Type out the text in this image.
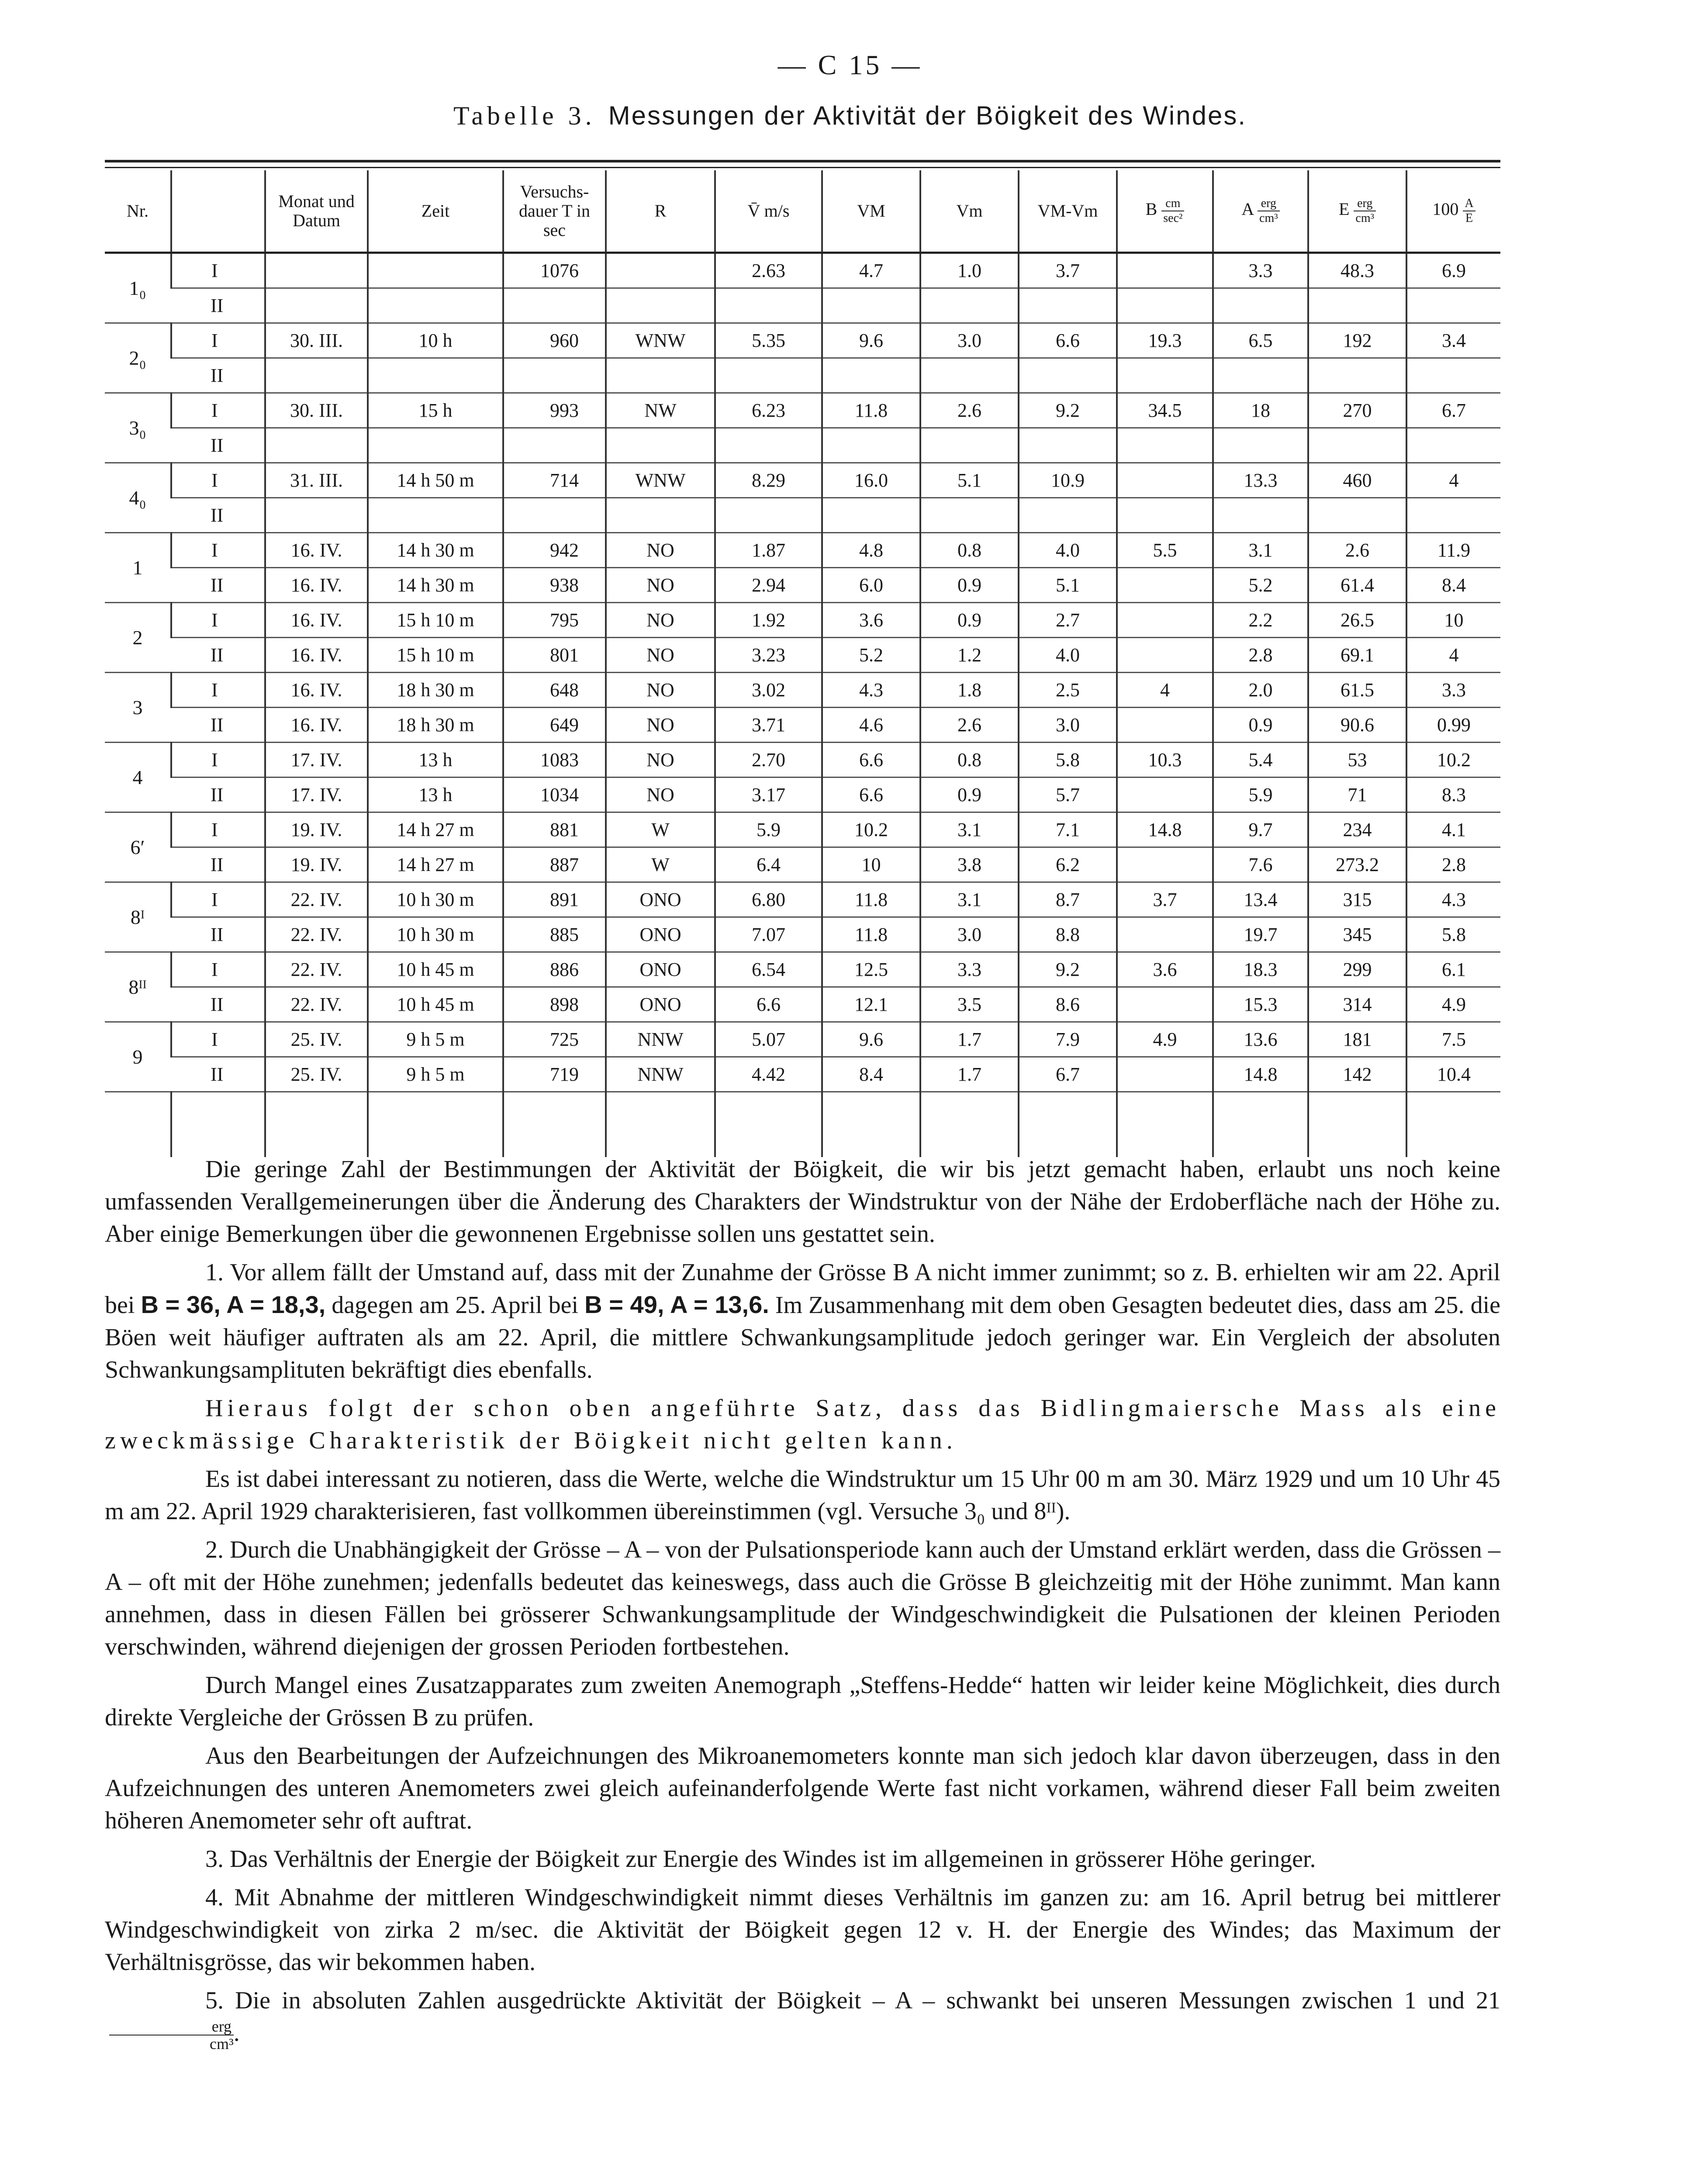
— C 15 —
Tabelle 3. Messungen der Aktivität der Böigkeit des Windes.
Nr.		Monat und Datum	Zeit	Versuchs- dauer T in sec	R	V̄ m/s	VM	Vm	VM-Vm	B $\frac{cm}{\text{sec²}}$	A $\frac{\text{erg}}{\text{cm³}}$	E $\frac{\text{erg}}{\text{cm³}}$	$100 \frac{A}{E}$

1₀	I			1076		2.63	4.7	1.0	3.7		3.3	48.3	6.9
	II												
2₀	I	30. III.	10 h	960	WNW	5.35	9.6	3.0	6.6	19.3	6.5	192	3.4
	II												
3₀	I	30. III.	15 h	993	NW	6.23	11.8	2.6	9.2	34.5	18	270	6.7
	II												
4₀	I	31. III.	14 h 50 m	714	WNW	8.29	16.0	5.1	10.9		13.3	460	4
	II												
1	I	16. IV.	14 h 30 m	942	NO	1.87	4.8	0.8	4.0	5.5	3.1	2.6	11.9
	II	16. IV.	14 h 30 m	938	NO	2.94	6.0	0.9	5.1		5.2	61.4	8.4
2	I	16. IV.	15 h 10 m	795	NO	1.92	3.6	0.9	2.7		2.2	26.5	10
	II	16. IV.	15 h 10 m	801	NO	3.23	5.2	1.2	4.0		2.8	69.1	4
3	I	16. IV.	18 h 30 m	648	NO	3.02	4.3	1.8	2.5	4	2.0	61.5	3.3
	II	16. IV.	18 h 30 m	649	NO	3.71	4.6	2.6	3.0		0.9	90.6	0.99
4	I	17. IV.	13 h	1083	NO	2.70	6.6	0.8	5.8	10.3	5.4	53	10.2
	II	17. IV.	13 h	1034	NO	3.17	6.6	0.9	5.7		5.9	71	8.3
6′	I	19. IV.	14 h 27 m	881	W	5.9	10.2	3.1	7.1	14.8	9.7	234	4.1
	II	19. IV.	14 h 27 m	887	W	6.4	10	3.8	6.2		7.6	273.2	2.8
8ᴵ	I	22. IV.	10 h 30 m	891	ONO	6.80	11.8	3.1	8.7	3.7	13.4	315	4.3
	II	22. IV.	10 h 30 m	885	ONO	7.07	11.8	3.0	8.8		19.7	345	5.8
8ᴵᴵ	I	22. IV.	10 h 45 m	886	ONO	6.54	12.5	3.3	9.2	3.6	18.3	299	6.1
	II	22. IV.	10 h 45 m	898	ONO	6.6	12.1	3.5	8.6		15.3	314	4.9
9	I	25. IV.	9 h 5 m	725	NNW	5.07	9.6	1.7	7.9	4.9	13.6	181	7.5
	II	25. IV.	9 h 5 m	719	NNW	4.42	8.4	1.7	6.7		14.8	142	10.4

Die geringe Zahl der Bestimmungen der Aktivität der Böigkeit, die wir bis jetzt gemacht haben, erlaubt uns noch keine umfassenden Verallgemeinerungen über die Änderung des Charakters der Windstruktur von der Nähe der Erdoberfläche nach der Höhe zu. Aber einige Bemerkungen über die gewonnenen Ergebnisse sollen uns gestattet sein.

1. Vor allem fällt der Umstand auf, dass mit der Zunahme der Grösse B A nicht immer zunimmt; so z. B. erhielten wir am 22. April bei B = 36, A = 18,3, dagegen am 25. April bei B = 49, A = 13,6. Im Zusammenhang mit dem oben Gesagten bedeutet dies, dass am 25. die Böen weit häufiger auftraten als am 22. April, die mittlere Schwankungsamplitude jedoch geringer war. Ein Vergleich der absoluten Schwankungsamplituten bekräftigt dies ebenfalls.

Hieraus folgt der schon oben angeführte Satz, dass das Bidlingmaiersche Mass als eine zweckmässige Charakteristik der Böigkeit nicht gelten kann.

Es ist dabei interessant zu notieren, dass die Werte, welche die Windstruktur um 15 Uhr 00 m am 30. März 1929 und um 10 Uhr 45 m am 22. April 1929 charakterisieren, fast vollkommen übereinstimmen (vgl. Versuche 3₀ und 8ᴵᴵ).

2. Durch die Unabhängigkeit der Grösse – A – von der Pulsationsperiode kann auch der Umstand erklärt werden, dass die Grössen – A – oft mit der Höhe zunehmen; jedenfalls bedeutet das keineswegs, dass auch die Grösse B gleichzeitig mit der Höhe zunimmt. Man kann annehmen, dass in diesen Fällen bei grösserer Schwankungsamplitude der Windgeschwindigkeit die Pulsationen der kleinen Perioden verschwinden, während diejenigen der grossen Perioden fortbestehen.

Durch Mangel eines Zusatzapparates zum zweiten Anemograph „Steffens-Hedde“ hatten wir leider keine Möglichkeit, dies durch direkte Vergleiche der Grössen B zu prüfen.

Aus den Bearbeitungen der Aufzeichnungen des Mikroanemometers konnte man sich jedoch klar davon überzeugen, dass in den Aufzeichnungen des unteren Anemometers zwei gleich aufeinanderfolgende Werte fast nicht vorkamen, während dieser Fall beim zweiten höheren Anemometer sehr oft auftrat.

3. Das Verhältnis der Energie der Böigkeit zur Energie des Windes ist im allgemeinen in grösserer Höhe geringer.

4. Mit Abnahme der mittleren Windgeschwindigkeit nimmt dieses Verhältnis im ganzen zu: am 16. April betrug bei mittlerer Windgeschwindigkeit von zirka 2 m/sec. die Aktivität der Böigkeit gegen 12 v. H. der Energie des Windes; das Maximum der Verhältnisgrösse, das wir bekommen haben.

5. Die in absoluten Zahlen ausgedrückte Aktivität der Böigkeit – A – schwankt bei unseren Messungen zwischen 1 und 21
$\frac{\text{erg}}{\text{cm³}}$ .
